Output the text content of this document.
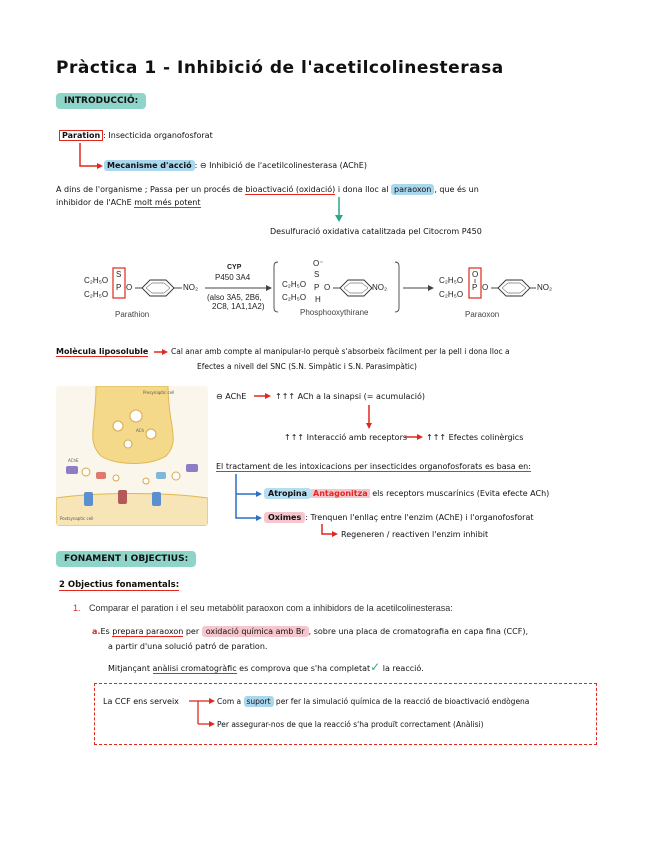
Pràctica 1 - Inhibició de l'acetilcolinesterasa
INTRODUCCIÓ:
Paration : Insecticida organofosforat
Mecanisme d'acció : ⊖ Inhibició de l'acetilcolinesterasa (AChE)
A dins de l'organisme ; Passa per un procés de bioactivació (oxidació) i dona lloc al paraoxon , que és un
inhibidor de l'AChE molt més potent
Desulfuració oxidativa catalitzada pel Citocrom P450
C₂H₅O
C₂H₅O
S
P O	NO₂
Parathion
CYP
P450 3A4
(also 3A5, 2B6,
2C8, 1A1,1A2)
O⁻
S
C₂H₅O
C₂H₅O
P O
H
NO₂
Phosphooxythirane
C₂H₅O
C₂H₅O
O
P O	NO₂
Paraoxon
Molècula liposoluble	Cal anar amb compte al manipular-lo perquè s'absorbeix fàcilment per la pell i dona lloc a
Efectes a nivell del SNC (S.N. Simpàtic i S.N. Parasimpàtic)
Presynaptic cell
Postsynaptic cell
ACh
AChE
⊖ AChE	↑↑↑ ACh a la sinapsi (= acumulació)
↑↑↑ Interacció amb receptors ↑↑↑ Efectes colinèrgics
El tractament de les intoxicacions per insecticides organofosforats es basa en:
Atropina Antagonitza els receptors muscarínics (Evita efecte ACh)
Oximes : Trenquen l'enllaç entre l'enzim (AChE) i l'organofosforat
Regeneren / reactiven l'enzim inhibit
FONAMENT I OBJECTIUS:
2 Objectius fonamentals:
1. Comparar el paration i el seu metabòlit paraoxon com a inhibidors de la acetilcolinesterasa:
a.Es prepara paraoxon per oxidació química amb Br , sobre una placa de cromatografia en capa fina (CCF),
a partir d'una solució patró de paration.
Mitjançant anàlisi cromatogràfic es comprova que s'ha completat✓ la reacció.
La CCF ens serveix	Com a suport per fer la simulació química de la reacció de bioactivació endògena
Per assegurar-nos de que la reacció s'ha produït correctament (Anàlisi)
